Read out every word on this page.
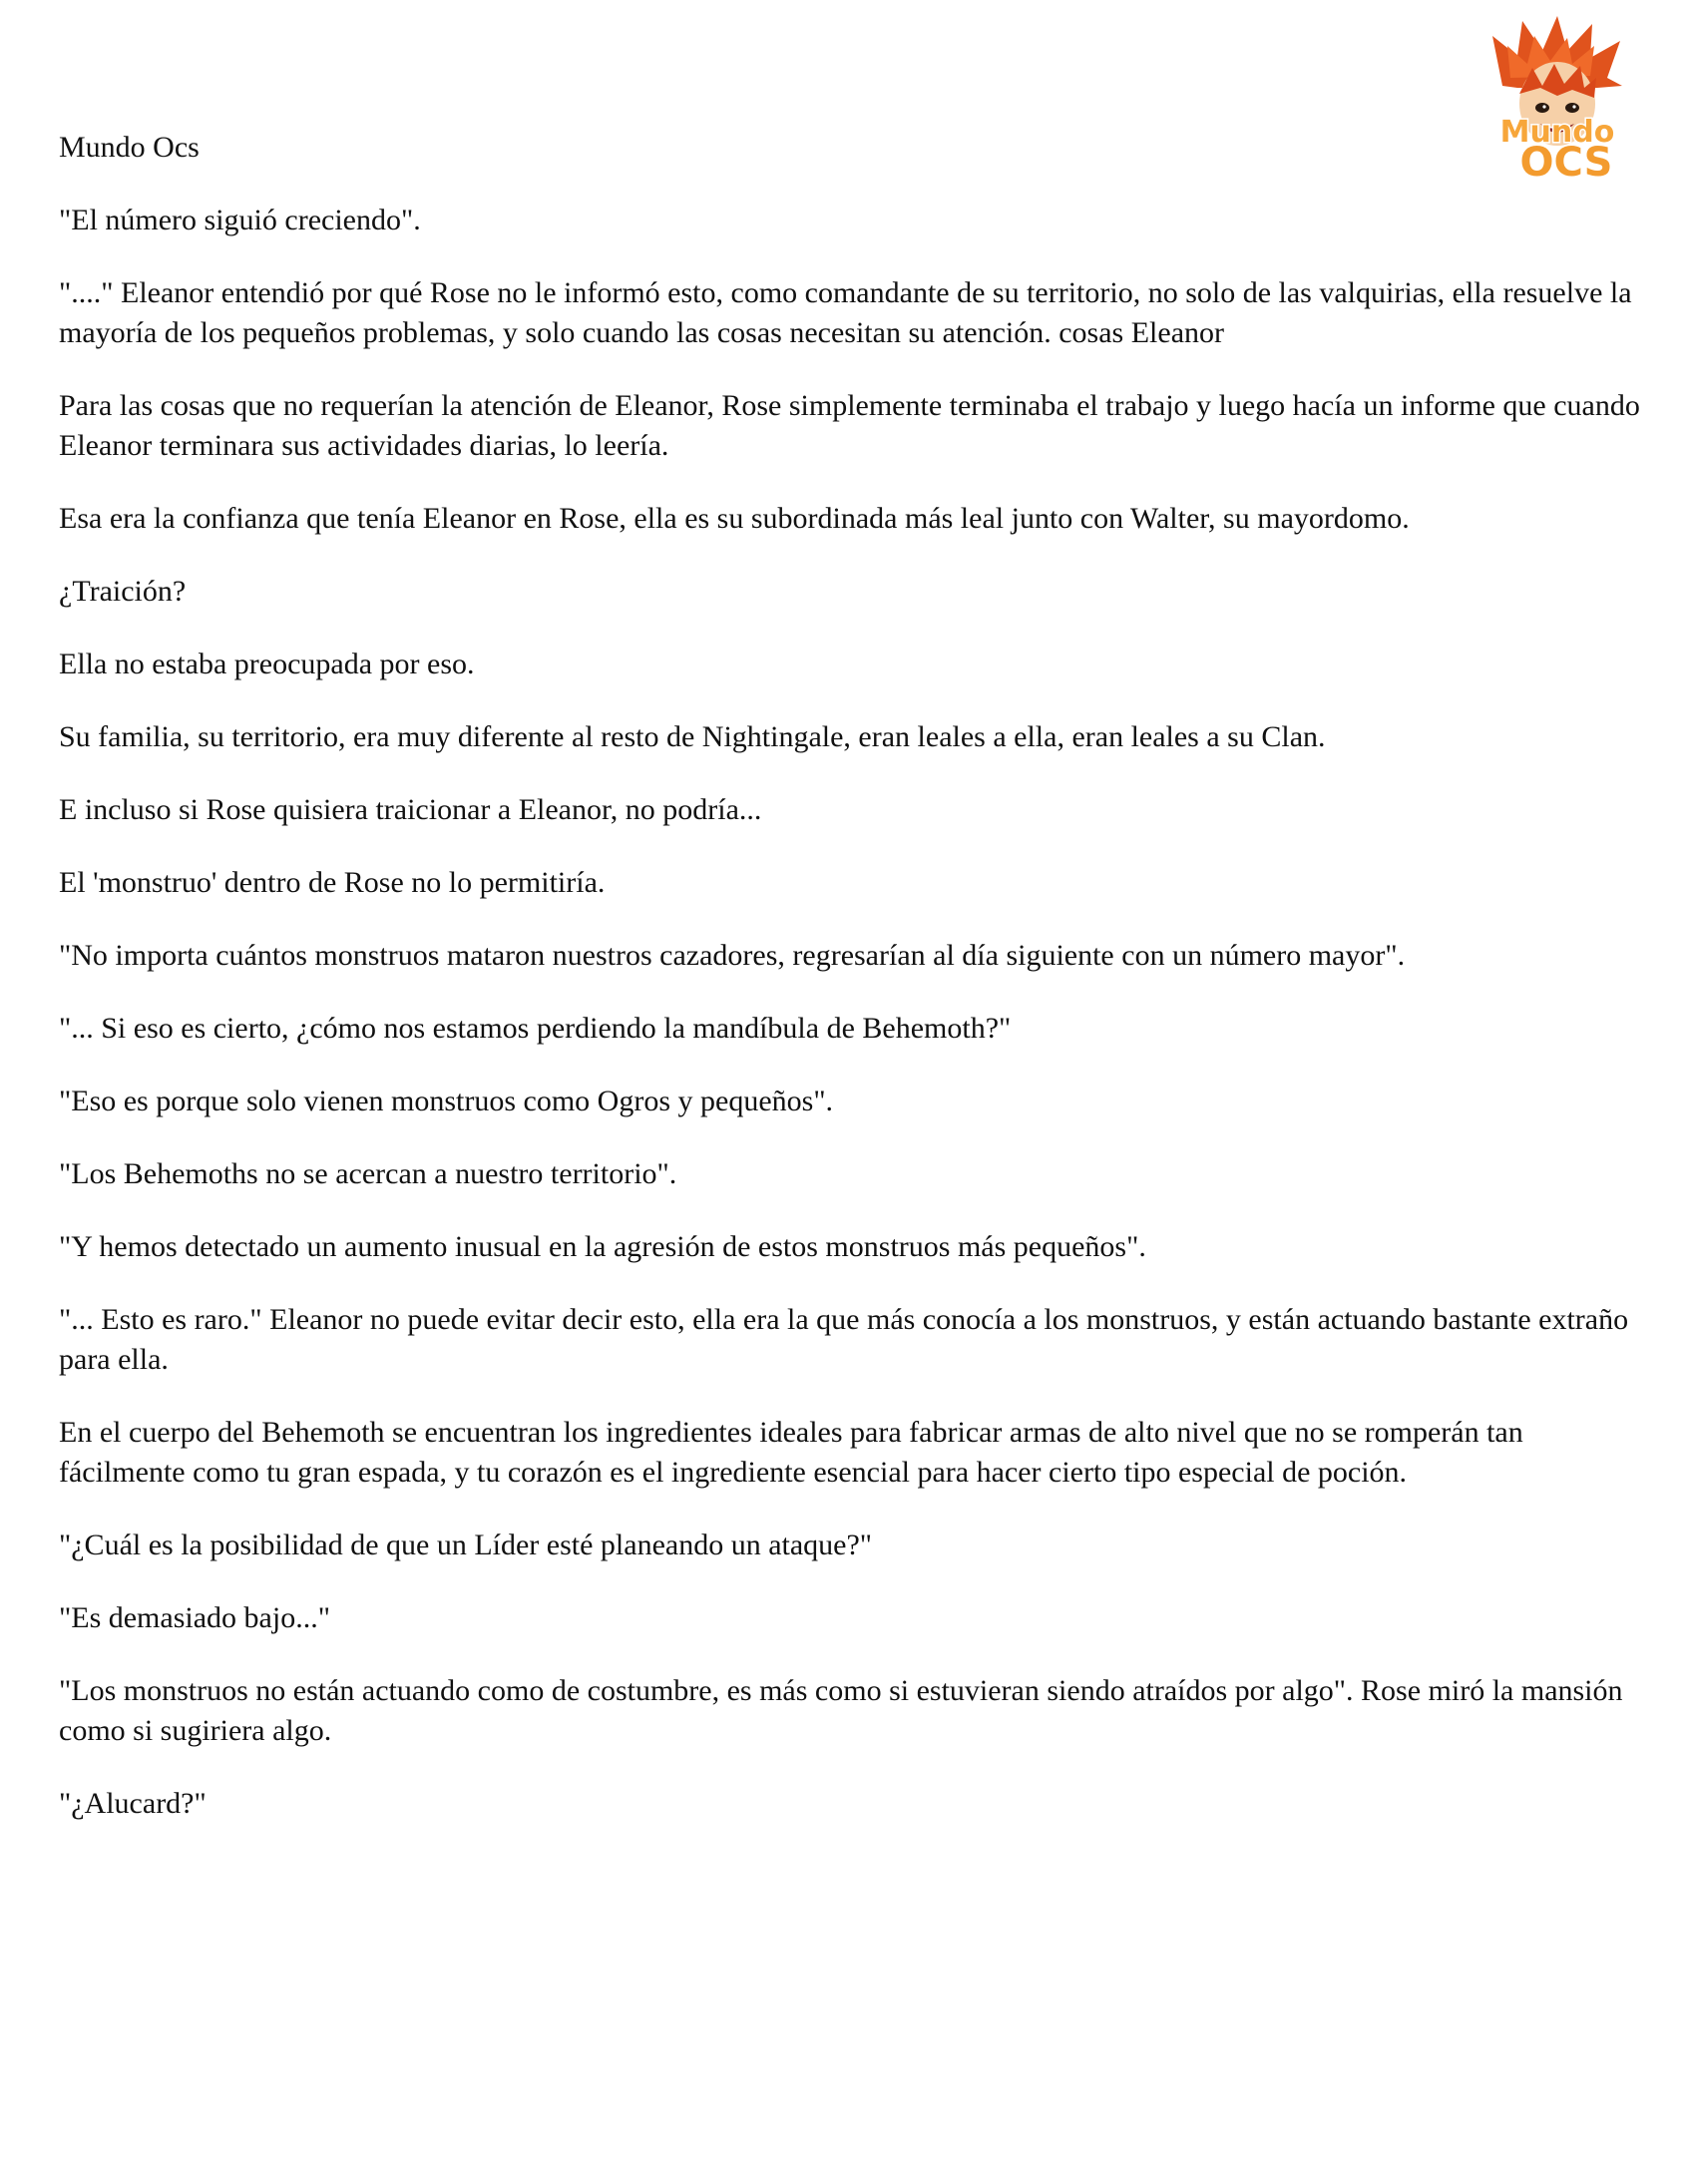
Mundo
OCS

Mundo Ocs

"El número siguió creciendo".

"...." Eleanor entendió por qué Rose no le informó esto, como comandante de su territorio, no solo de las valquirias, ella resuelve la mayoría de los pequeños problemas, y solo cuando las cosas necesitan su atención. cosas Eleanor

Para las cosas que no requerían la atención de Eleanor, Rose simplemente terminaba el trabajo y luego hacía un informe que cuando Eleanor terminara sus actividades diarias, lo leería.

Esa era la confianza que tenía Eleanor en Rose, ella es su subordinada más leal junto con Walter, su mayordomo.

¿Traición?

Ella no estaba preocupada por eso.

Su familia, su territorio, era muy diferente al resto de Nightingale, eran leales a ella, eran leales a su Clan.

E incluso si Rose quisiera traicionar a Eleanor, no podría...

El 'monstruo' dentro de Rose no lo permitiría.

"No importa cuántos monstruos mataron nuestros cazadores, regresarían al día siguiente con un número mayor".

"... Si eso es cierto, ¿cómo nos estamos perdiendo la mandíbula de Behemoth?"

"Eso es porque solo vienen monstruos como Ogros y pequeños".

"Los Behemoths no se acercan a nuestro territorio".

"Y hemos detectado un aumento inusual en la agresión de estos monstruos más pequeños".

"... Esto es raro." Eleanor no puede evitar decir esto, ella era la que más conocía a los monstruos, y están actuando bastante extraño para ella.

En el cuerpo del Behemoth se encuentran los ingredientes ideales para fabricar armas de alto nivel que no se romperán tan fácilmente como tu gran espada, y tu corazón es el ingrediente esencial para hacer cierto tipo especial de poción.

"¿Cuál es la posibilidad de que un Líder esté planeando un ataque?"

"Es demasiado bajo..."

"Los monstruos no están actuando como de costumbre, es más como si estuvieran siendo atraídos por algo". Rose miró la mansión como si sugiriera algo.

"¿Alucard?"
